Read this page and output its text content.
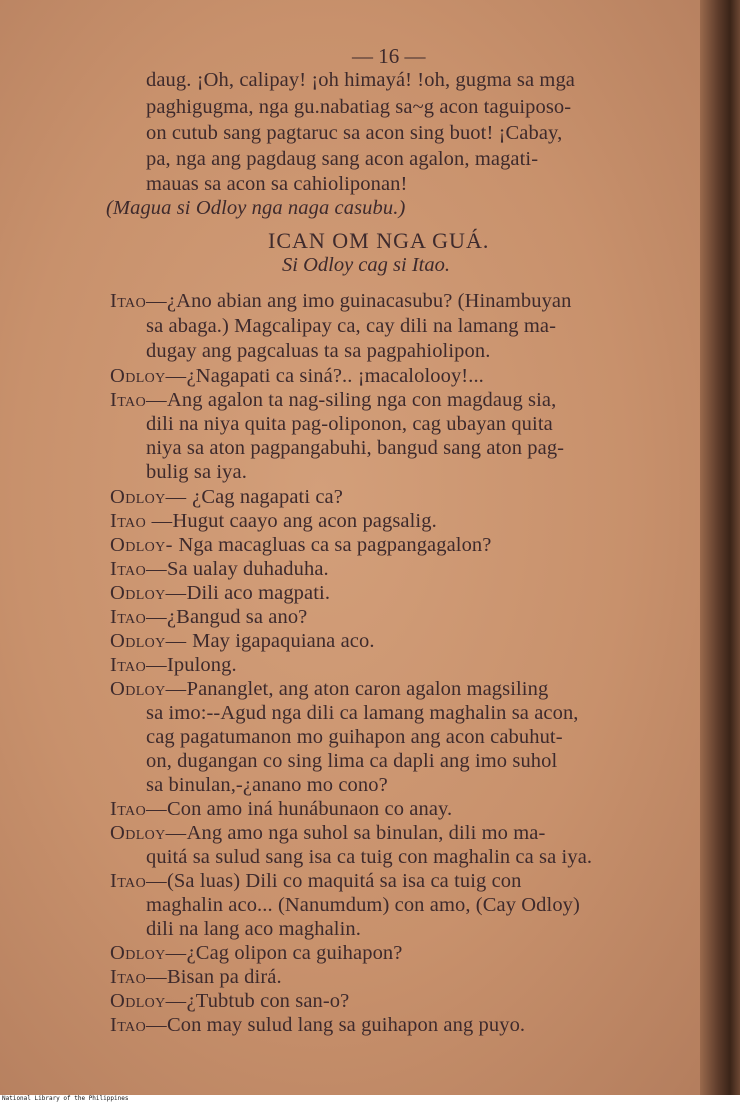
— 16 —
daug. ¡Oh, calipay! ¡oh himayá! !oh, gugma sa mga
paghigugma, nga gu.nabatiag sa~g acon taguiposo-
on cutub sang pagtaruc sa acon sing buot! ¡Cabay,
pa, nga ang pagdaug sang acon agalon, magati-
mauas sa acon sa cahioliponan!
(Magua si Odloy nga naga casubu.)
ICAN OM NGA GUÁ.
Si Odloy cag si Itao.
Itao—¿Ano abian ang imo guinacasubu? (Hinambuyan
sa abaga.) Magcalipay ca, cay dili na lamang ma-
dugay ang pagcaluas ta sa pagpahiolipon.
Odloy—¿Nagapati ca siná?.. ¡macalolooy!...
Itao—Ang agalon ta nag-siling nga con magdaug sia,
dili na niya quita pag-oliponon, cag ubayan quita
niya sa aton pagpangabuhi, bangud sang aton pag-
bulig sa iya.
Odloy— ¿Cag nagapati ca?
Itao —Hugut caayo ang acon pagsalig.
Odloy- Nga macagluas ca sa pagpangagalon?
Itao—Sa ualay duhaduha.
Odloy—Dili aco magpati.
Itao—¿Bangud sa ano?
Odloy— May igapaquiana aco.
Itao—Ipulong.
Odloy—Pananglet, ang aton caron agalon magsiling
sa imo:--Agud nga dili ca lamang maghalin sa acon,
cag pagatumanon mo guihapon ang acon cabuhut-
on, dugangan co sing lima ca dapli ang imo suhol
sa binulan,-¿anano mo cono?
Itao—Con amo iná hunábunaon co anay.
Odloy—Ang amo nga suhol sa binulan, dili mo ma-
quitá sa sulud sang isa ca tuig con maghalin ca sa iya.
Itao—(Sa luas) Dili co maquitá sa isa ca tuig con
maghalin aco... (Nanumdum) con amo, (Cay Odloy)
dili na lang aco maghalin.
Odloy—¿Cag olipon ca guihapon?
Itao—Bisan pa dirá.
Odloy—¿Tubtub con san-o?
Itao—Con may sulud lang sa guihapon ang puyo.
National Library of the Philippines
